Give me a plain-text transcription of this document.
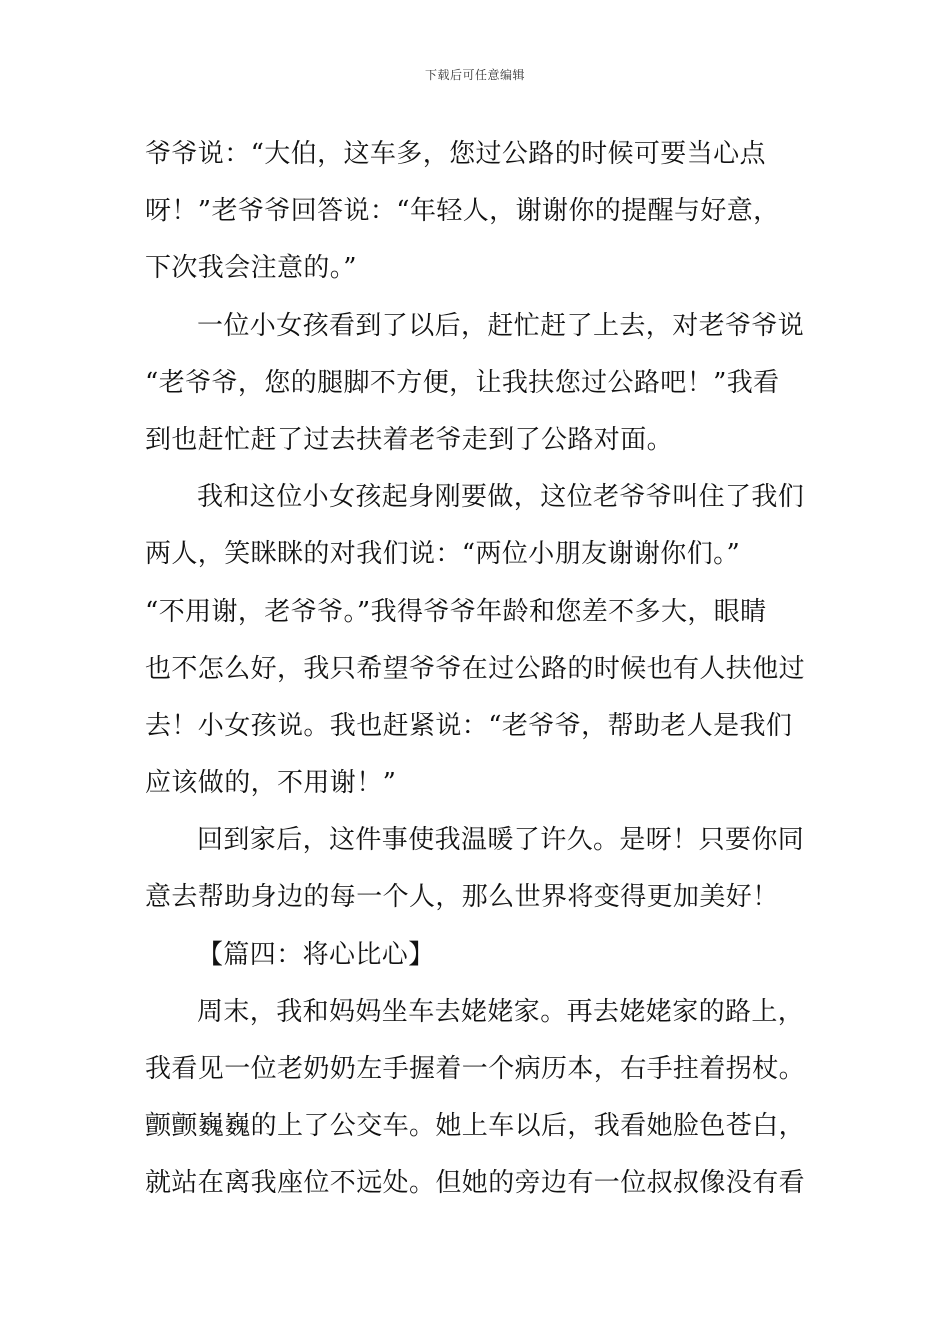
下载后可任意编辑
爷爷说：“大伯，这车多，您过公路的时候可要当心点
呀！”老爷爷回答说：“年轻人，谢谢你的提醒与好意，
下次我会注意的。”
一位小女孩看到了以后，赶忙赶了上去，对老爷爷说
“老爷爷，您的腿脚不方便，让我扶您过公路吧！”我看
到也赶忙赶了过去扶着老爷走到了公路对面。
我和这位小女孩起身刚要做，这位老爷爷叫住了我们
两人，笑眯眯的对我们说：“两位小朋友谢谢你们。”
“不用谢，老爷爷。”我得爷爷年龄和您差不多大，眼睛
也不怎么好，我只希望爷爷在过公路的时候也有人扶他过
去！小女孩说。我也赶紧说：“老爷爷，帮助老人是我们
应该做的，不用谢！”
回到家后，这件事使我温暖了许久。是呀！只要你同
意去帮助身边的每一个人，那么世界将变得更加美好！
【篇四：将心比心】
周末，我和妈妈坐车去姥姥家。再去姥姥家的路上，
我看见一位老奶奶左手握着一个病历本，右手拄着拐杖。
颤颤巍巍的上了公交车。她上车以后，我看她脸色苍白，
就站在离我座位不远处。但她的旁边有一位叔叔像没有看
